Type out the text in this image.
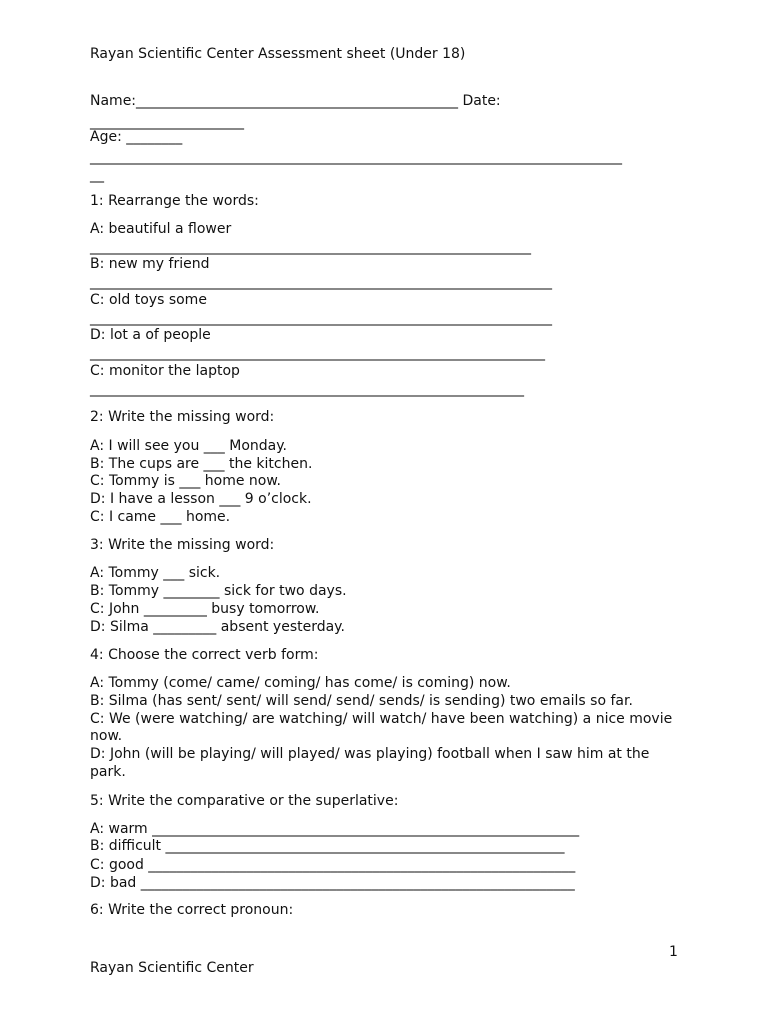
Rayan Scientific Center Assessment sheet (Under 18)
Name:______________________________________________ Date:
______________________
Age: ________
____________________________________________________________________________
__
1: Rearrange the words:
A: beautiful a flower
_______________________________________________________________
B: new my friend
__________________________________________________________________
C: old toys some
__________________________________________________________________
D: lot a of people
_________________________________________________________________
C: monitor the laptop
______________________________________________________________
2: Write the missing word:
A: I will see you ___ Monday.
B: The cups are ___ the kitchen.
C: Tommy is ___ home now.
D: I have a lesson ___ 9 o’clock.
C: I came ___ home.
3: Write the missing word:
A: Tommy ___ sick.
B: Tommy ________ sick for two days.
C: John _________ busy tomorrow.
D: Silma _________ absent yesterday.
4: Choose the correct verb form:
A: Tommy (come/ came/ coming/ has come/ is coming) now.
B: Silma (has sent/ sent/ will send/ send/ sends/ is sending) two emails so far.
C: We (were watching/ are watching/ will watch/ have been watching) a nice movie
now.
D: John (will be playing/ will played/ was playing) football when I saw him at the
park.
5: Write the comparative or the superlative:
A: warm _____________________________________________________________
B: difficult _________________________________________________________
C: good _____________________________________________________________
D: bad ______________________________________________________________
6: Write the correct pronoun:
1
Rayan Scientific Center
